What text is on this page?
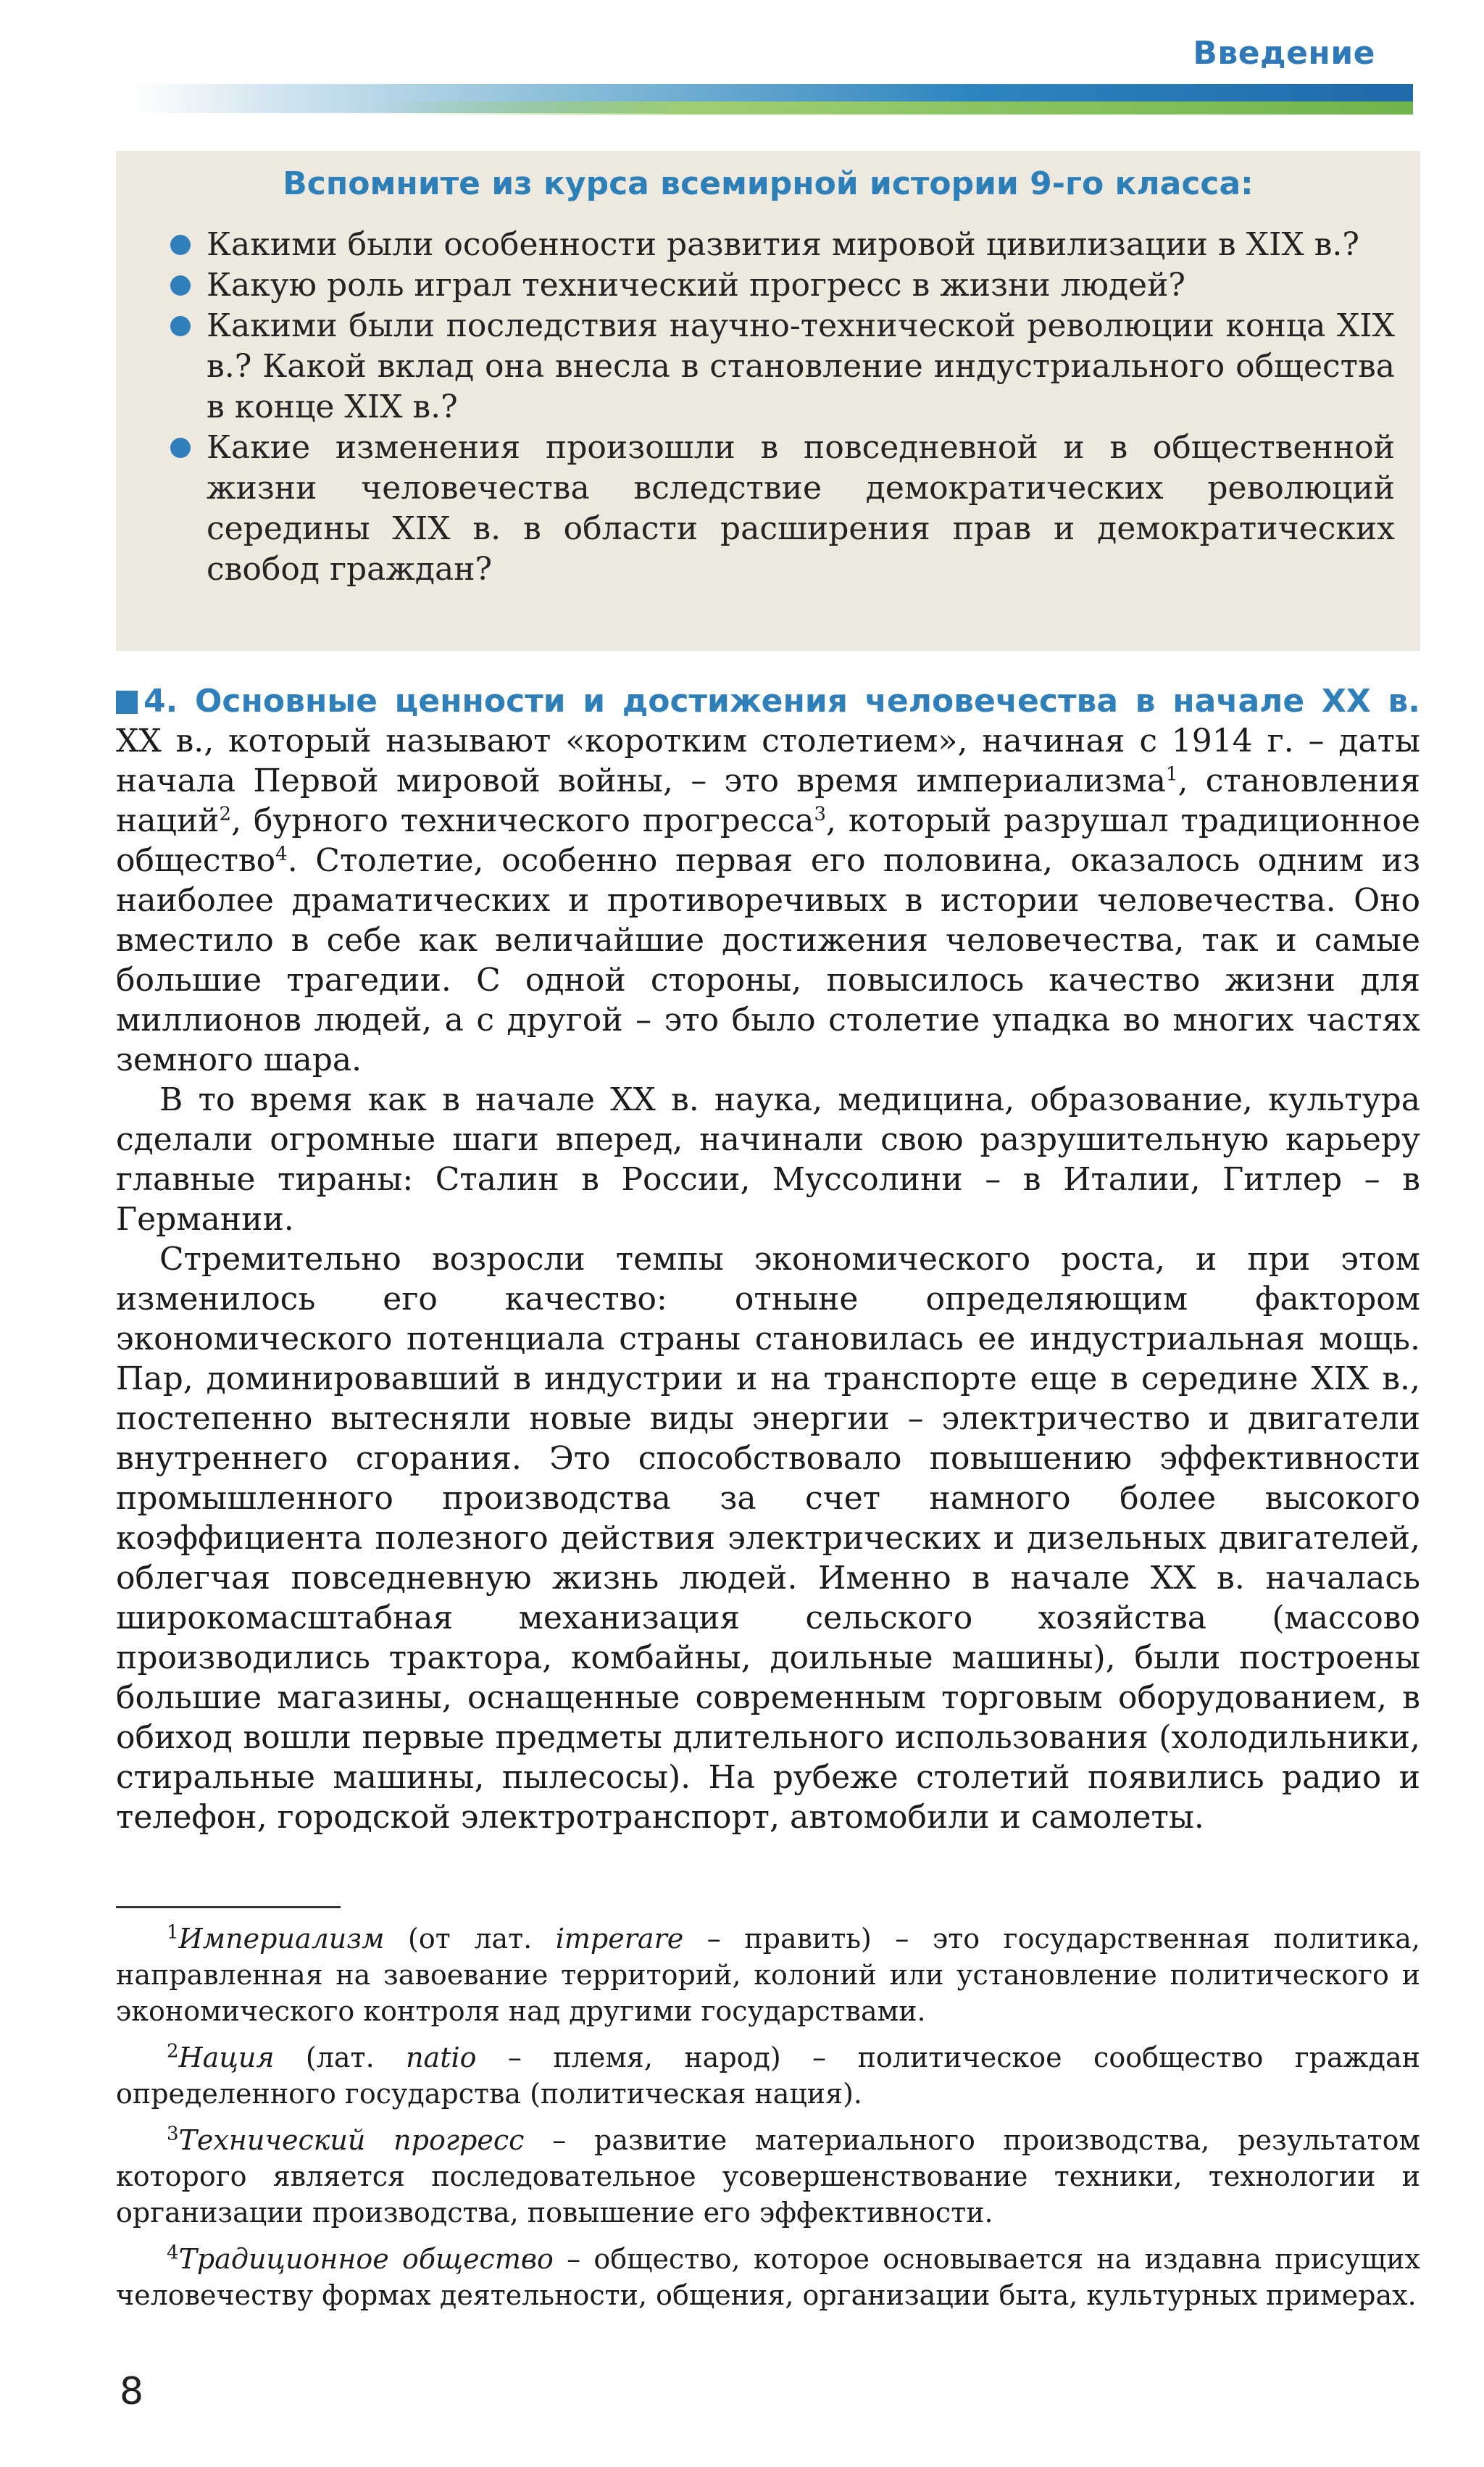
Введение
Вспомните из курса всемирной истории 9-го класса:
Какими были особенности развития мировой цивилизации в XIX в.?
Какую роль играл технический прогресс в жизни людей?
Какими были последствия научно-технической революции конца XIX в.? Какой вклад она внесла в становление индустриального общества в конце XIX в.?
Какие изменения произошли в повседневной и в общественной жизни человечества вследствие демократических революций середины XIX в. в области расширения прав и демократических свобод граждан?

4. Основные ценности и достижения человечества в начале XX в. XX в., который называют «коротким столетием», начиная с 1914 г. – даты начала Первой мировой войны, – это время империализма$^1$, становления наций$^2$, бурного технического прогресса$^3$, который разрушал традиционное общество$^4$. Столетие, особенно первая его половина, оказалось одним из наиболее драматических и противоречивых в истории человечества. Оно вместило в себе как величайшие достижения человечества, так и самые большие трагедии. С одной стороны, повысилось качество жизни для миллионов людей, а с другой – это было столетие упадка во многих частях земного шара.

В то время как в начале XX в. наука, медицина, образование, культура сделали огромные шаги вперед, начинали свою разрушительную карьеру главные тираны: Сталин в России, Муссолини – в Италии, Гитлер – в Германии.

Стремительно возросли темпы экономического роста, и при этом изменилось его качество: отныне определяющим фактором экономического потенциала страны становилась ее индустриальная мощь. Пар, доминировавший в индустрии и на транспорте еще в середине XIX в., постепенно вытесняли новые виды энергии – электричество и двигатели внутреннего сгорания. Это способствовало повышению эффективности промышленного производства за счет намного более высокого коэффициента полезного действия электрических и дизельных двигателей, облегчая повседневную жизнь людей. Именно в начале XX в. началась широкомасштабная механизация сельского хозяйства (массово производились трактора, комбайны, доильные машины), были построены большие магазины, оснащенные современным торговым оборудованием, в обиход вошли первые предметы длительного использования (холодильники, стиральные машины, пылесосы). На рубеже столетий появились радио и телефон, городской электротранспорт, автомобили и самолеты.

$^1$Империализм (от лат. imperare – править) – это государственная политика, направленная на завоевание территорий, колоний или установление политического и экономического контроля над другими государствами.

$^2$Нация (лат. natio – племя, народ) – политическое сообщество граждан определенного государства (политическая нация).

$^3$Технический прогресс – развитие материального производства, результатом которого является последовательное усовершенствование техники, технологии и организации производства, повышение его эффективности.

$^4$Традиционное общество – общество, которое основывается на издавна присущих человечеству формах деятельности, общения, организации быта, культурных примерах.

8
